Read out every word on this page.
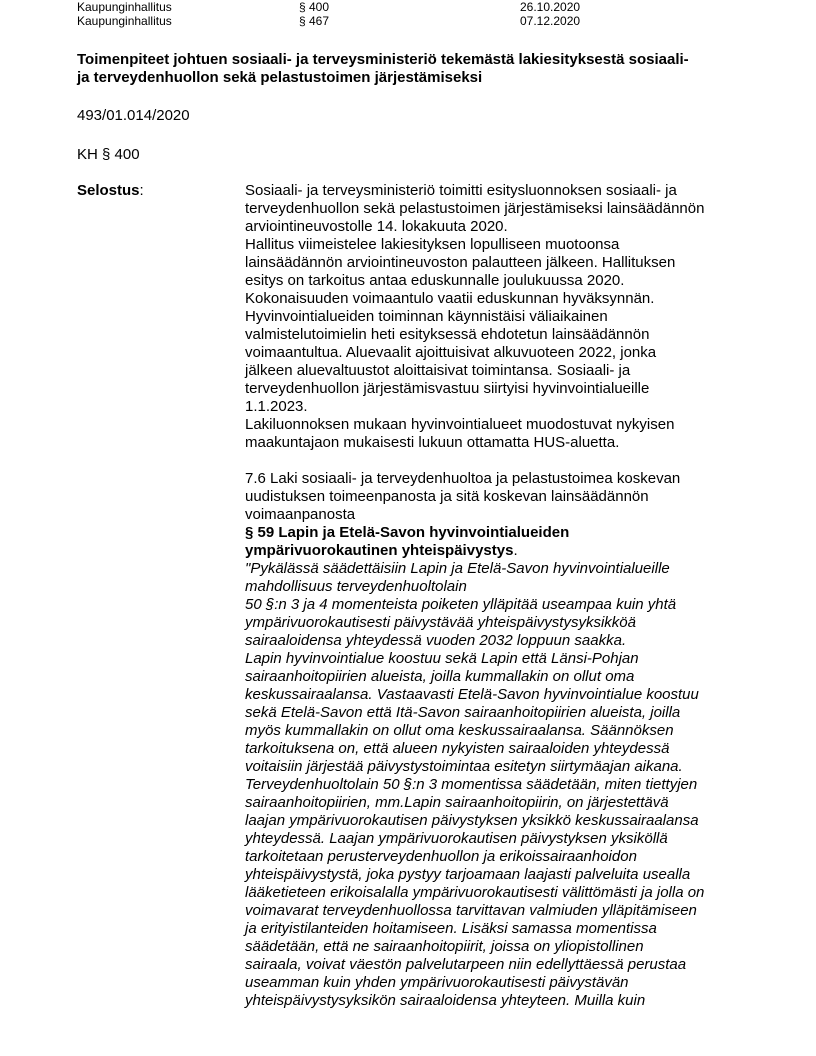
Kaupunginhallitus	§ 400	26.10.2020
Kaupunginhallitus	§ 467	07.12.2020
Toimenpiteet johtuen sosiaali- ja terveysministeriö tekemästä lakiesityksestä sosiaali-
ja terveydenhuollon sekä pelastustoimen järjestämiseksi
493/01.014/2020
KH § 400
Selostus:	Sosiaali- ja terveysministeriö toimitti esitysluonnoksen sosiaali- ja
terveydenhuollon sekä pelastustoimen järjestämiseksi lainsäädännön
arviointineuvostolle 14. lokakuuta 2020.
Hallitus viimeistelee lakiesityksen lopulliseen muotoonsa
lainsäädännön arviointineuvoston palautteen jälkeen. Hallituksen
esitys on tarkoitus antaa eduskunnalle joulukuussa 2020.
Kokonaisuuden voimaantulo vaatii eduskunnan hyväksynnän.
Hyvinvointialueiden toiminnan käynnistäisi väliaikainen
valmistelutoimielin heti esityksessä ehdotetun lainsäädännön
voimaantultua. Aluevaalit ajoittuisivat alkuvuoteen 2022, jonka
jälkeen aluevaltuustot aloittaisivat toimintansa. Sosiaali- ja
terveydenhuollon järjestämisvastuu siirtyisi hyvinvointialueille
1.1.2023.
Lakiluonnoksen mukaan hyvinvointialueet muodostuvat nykyisen
maakuntajaon mukaisesti lukuun ottamatta HUS-aluetta.
7.6 Laki sosiaali- ja terveydenhuoltoa ja pelastustoimea koskevan
uudistuksen toimeenpanosta ja sitä koskevan lainsäädännön
voimaanpanosta
§ 59 Lapin ja Etelä-Savon hyvinvointialueiden
ympärivuorokautinen yhteispäivystys.
"Pykälässä säädettäisiin Lapin ja Etelä-Savon hyvinvointialueille
mahdollisuus terveydenhuoltolain
50 §:n 3 ja 4 momenteista poiketen ylläpitää useampaa kuin yhtä
ympärivuorokautisesti päivystävää yhteispäivystysyksikköä
sairaaloidensa yhteydessä vuoden 2032 loppuun saakka.
Lapin hyvinvointialue koostuu sekä Lapin että Länsi-Pohjan
sairaanhoitopiirien alueista, joilla kummallakin on ollut oma
keskussairaalansa. Vastaavasti Etelä-Savon hyvinvointialue koostuu
sekä Etelä-Savon että Itä-Savon sairaanhoitopiirien alueista, joilla
myös kummallakin on ollut oma keskussairaalansa. Säännöksen
tarkoituksena on, että alueen nykyisten sairaaloiden yhteydessä
voitaisiin järjestää päivystystoimintaa esitetyn siirtymäajan aikana.
Terveydenhuoltolain 50 §:n 3 momentissa säädetään, miten tiettyjen
sairaanhoitopiirien, mm.Lapin sairaanhoitopiirin, on järjestettävä
laajan ympärivuorokautisen päivystyksen yksikkö keskussairaalansa
yhteydessä. Laajan ympärivuorokautisen päivystyksen yksiköllä
tarkoitetaan perusterveydenhuollon ja erikoissairaanhoidon
yhteispäivystystä, joka pystyy tarjoamaan laajasti palveluita usealla
lääketieteen erikoisalalla ympärivuorokautisesti välittömästi ja jolla on
voimavarat terveydenhuollossa tarvittavan valmiuden ylläpitämiseen
ja erityistilanteiden hoitamiseen. Lisäksi samassa momentissa
säädetään, että ne sairaanhoitopiirit, joissa on yliopistollinen
sairaala, voivat väestön palvelutarpeen niin edellyttäessä perustaa
useamman kuin yhden ympärivuorokautisesti päivystävän
yhteispäivystysyksikön sairaaloidensa yhteyteen. Muilla kuin
